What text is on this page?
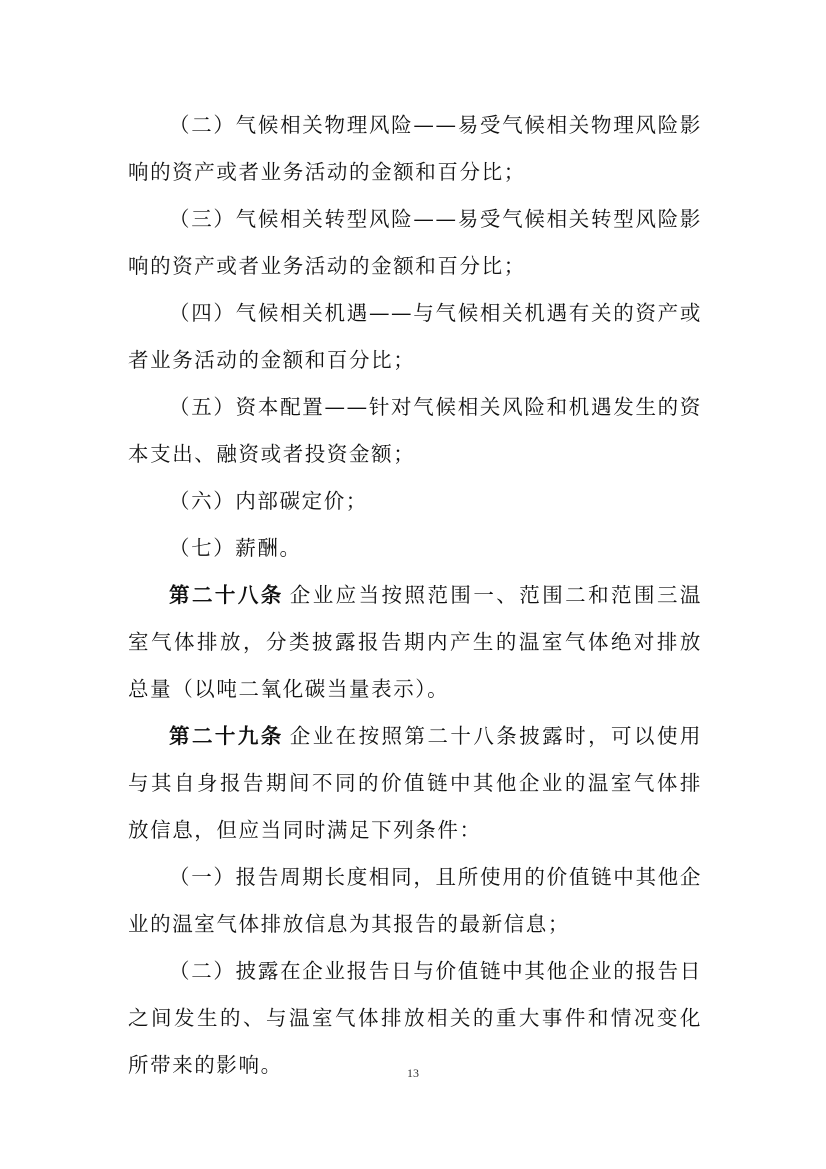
（二）气候相关物理风险——易受气候相关物理风险影响的资产或者业务活动的金额和百分比；

（三）气候相关转型风险——易受气候相关转型风险影响的资产或者业务活动的金额和百分比；

（四）气候相关机遇——与气候相关机遇有关的资产或者业务活动的金额和百分比；

（五）资本配置——针对气候相关风险和机遇发生的资本支出、融资或者投资金额；

（六）内部碳定价；

（七）薪酬。

第二十八条 企业应当按照范围一、范围二和范围三温室气体排放，分类披露报告期内产生的温室气体绝对排放总量（以吨二氧化碳当量表示）。

第二十九条 企业在按照第二十八条披露时，可以使用与其自身报告期间不同的价值链中其他企业的温室气体排放信息，但应当同时满足下列条件：

（一）报告周期长度相同，且所使用的价值链中其他企业的温室气体排放信息为其报告的最新信息；

（二）披露在企业报告日与价值链中其他企业的报告日之间发生的、与温室气体排放相关的重大事件和情况变化所带来的影响。	13
